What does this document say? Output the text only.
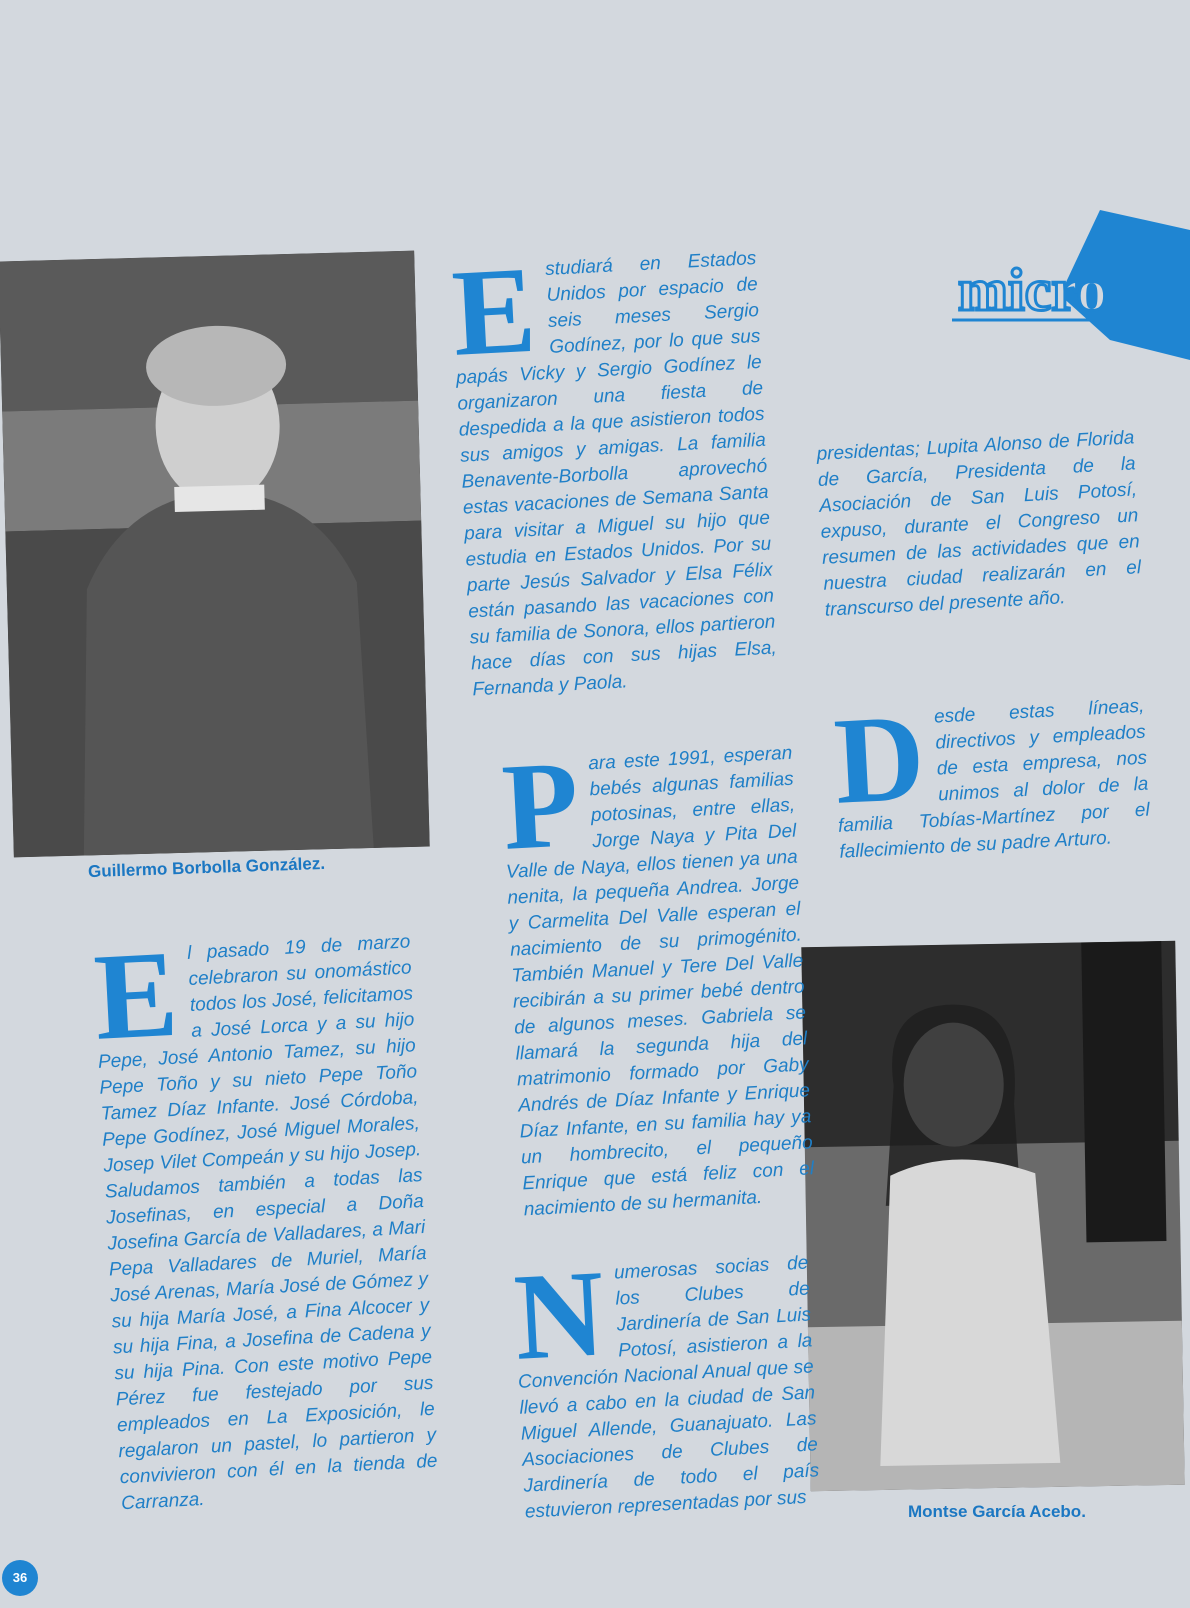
micro
Guillermo Borbolla González.
Montse García Acebo.
E studiará en Estados Unidos por espacio de seis meses Sergio Godínez, por lo que sus papás Vicky y Sergio Godínez le organizaron una fiesta de despedida a la que asistieron todos sus amigos y amigas. La familia Benavente-Borbolla aprovechó estas vacaciones de Semana Santa para visitar a Miguel su hijo que estudia en Estados Unidos. Por su parte Jesús Salvador y Elsa Félix están pasando las vacaciones con su familia de Sonora, ellos partieron hace días con sus hijas Elsa, Fernanda y Paola.

presidentas; Lupita Alonso de Florida de García, Presidenta de la Asociación de San Luis Potosí, expuso, durante el Congreso un resumen de las actividades que en nuestra ciudad realizarán en el transcurso del presente año.

P ara este 1991, esperan bebés algunas familias potosinas, entre ellas, Jorge Naya y Pita Del Valle de Naya, ellos tienen ya una nenita, la pequeña Andrea. Jorge y Carmelita Del Valle esperan el nacimiento de su primogénito. También Manuel y Tere Del Valle recibirán a su primer bebé dentro de algunos meses. Gabriela se llamará la segunda hija del matrimonio formado por Gaby Andrés de Díaz Infante y Enrique Díaz Infante, en su familia hay ya un hombrecito, el pequeño Enrique que está feliz con el nacimiento de su hermanita.

D esde estas líneas, directivos y empleados de esta empresa, nos unimos al dolor de la familia Tobías-Martínez por el fallecimiento de su padre Arturo.

E l pasado 19 de marzo celebraron su onomástico todos los José, felicitamos a José Lorca y a su hijo Pepe, José Antonio Tamez, su hijo Pepe Toño y su nieto Pepe Toño Tamez Díaz Infante. José Córdoba, Pepe Godínez, José Miguel Morales, Josep Vilet Compeán y su hijo Josep. Saludamos también a todas las Josefinas, en especial a Doña Josefina García de Valladares, a Mari Pepa Valladares de Muriel, María José Arenas, María José de Gómez y su hija María José, a Fina Alcocer y su hija Fina, a Josefina de Cadena y su hija Pina. Con este motivo Pepe Pérez fue festejado por sus empleados en La Exposición, le regalaron un pastel, lo partieron y convivieron con él en la tienda de Carranza.

N umerosas socias de los Clubes de Jardinería de San Luis Potosí, asistieron a la Convención Nacional Anual que se llevó a cabo en la ciudad de San Miguel Allende, Guanajuato. Las Asociaciones de Clubes de Jardinería de todo el país estuvieron representadas por sus

36
